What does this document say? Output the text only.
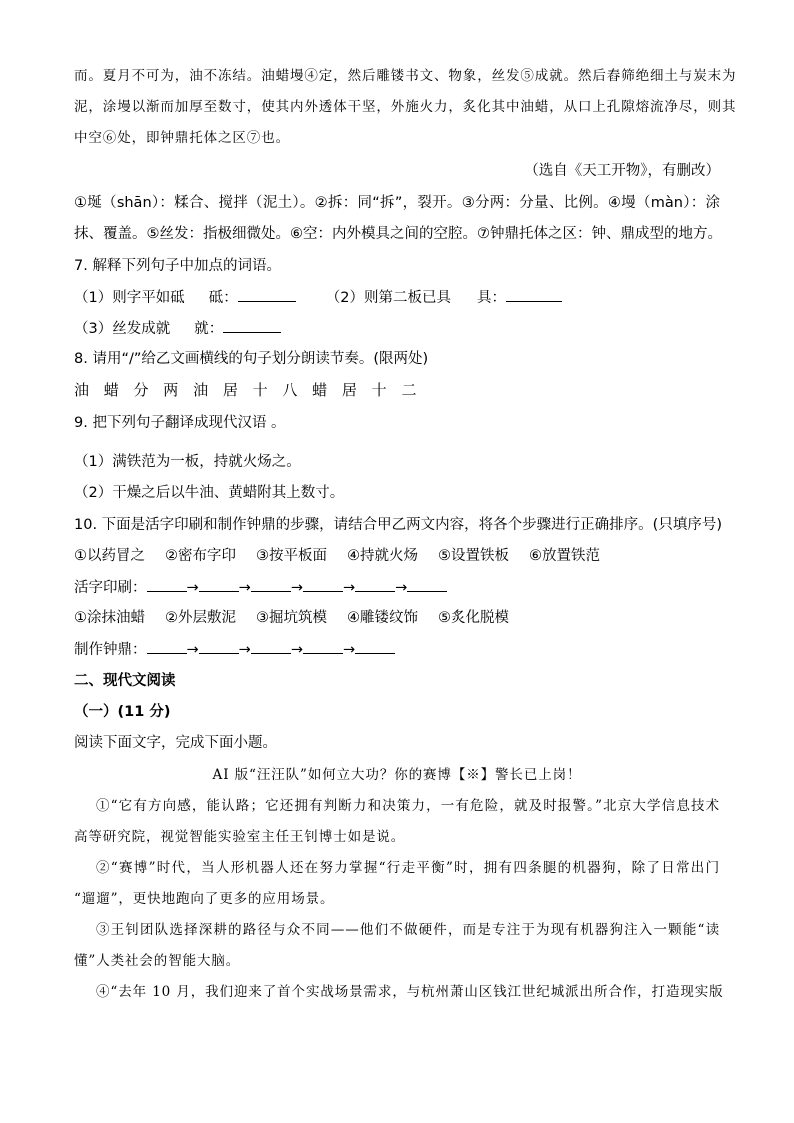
而。夏月不可为，油不冻结。油蜡墁④定，然后雕镂书文、物象，丝发⑤成就。然后舂筛绝细土与炭末为
泥，涂墁以渐而加厚至数寸，使其内外透体干坚，外施火力，炙化其中油蜡，从口上孔隙熔流净尽，则其
中空⑥处，即钟鼎托体之区⑦也。
（选自《天工开物》，有删改）
①埏（shān）：糅合、搅拌（泥土）。②拆：同“拆”，裂开。③分两：分量、比例。④墁（màn）：涂
抹、覆盖。⑤丝发：指极细微处。⑥空：内外模具之间的空腔。⑦钟鼎托体之区：钟、鼎成型的地方。
7. 解释下列句子中加点的词语。
（1）则字平如砥 砥：	（2）则第二板已具 具：
（3）丝发成就 就：
8. 请用“/”给乙文画横线的句子划分朗读节奏。(限两处)
油 蜡 分 两 油 居 十 八 蜡 居 十 二
9. 把下列句子翻译成现代汉语 。
（1）满铁范为一板，持就火炀之。
（2）干燥之后以牛油、黄蜡附其上数寸。
10. 下面是活字印刷和制作钟鼎的步骤，请结合甲乙两文内容，将各个步骤进行正确排序。(只填序号)
①以药冒之 ②密布字印 ③按平板面 ④持就火炀 ⑤设置铁板 ⑥放置铁范
活字印刷：	→	→	→	→	→
①涂抹油蜡 ②外层敷泥 ③掘坑筑模 ④雕镂纹饰 ⑤炙化脱模
制作钟鼎：	→	→	→	→
二、现代文阅读
（一）(11 分)
阅读下面文字，完成下面小题。
AI 版“汪汪队”如何立大功？你的赛博【※】警长已上岗！
①“它有方向感，能认路；它还拥有判断力和决策力，一有危险，就及时报警。”北京大学信息技术
高等研究院，视觉智能实验室主任王钊博士如是说。
②“赛博”时代，当人形机器人还在努力掌握“行走平衡”时，拥有四条腿的机器狗，除了日常出门
“遛遛”，更快地跑向了更多的应用场景。
③王钊团队选择深耕的路径与众不同——他们不做硬件，而是专注于为现有机器狗注入一颗能“读
懂”人类社会的智能大脑。
④“去年 10 月，我们迎来了首个实战场景需求，与杭州萧山区钱江世纪城派出所合作，打造现实版
